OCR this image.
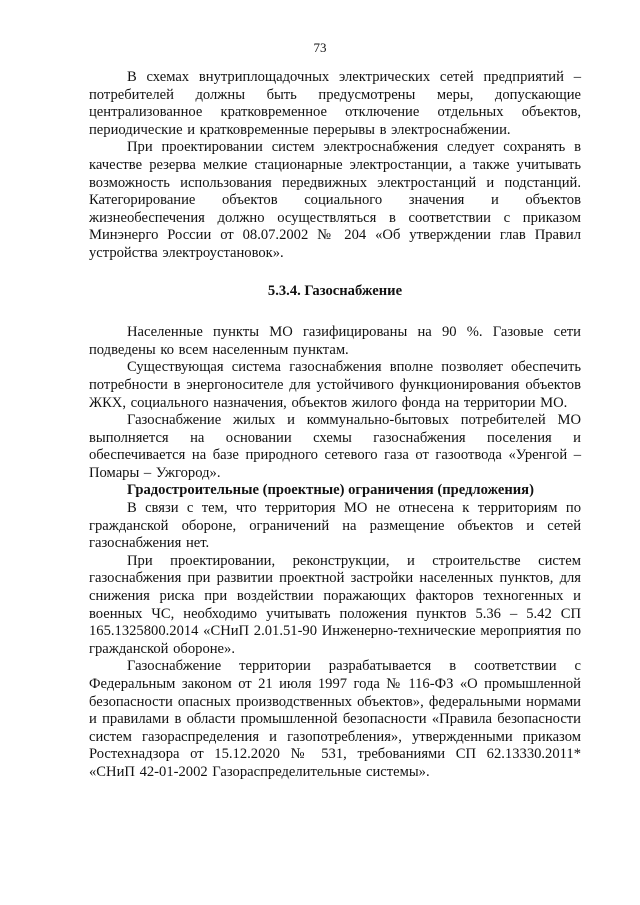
73

В схемах внутриплощадочных электрических сетей предприятий – потребителей должны быть предусмотрены меры, допускающие централизованное кратковременное отключение отдельных объектов, периодические и кратковременные перерывы в электроснабжении.

При проектировании систем электроснабжения следует сохранять в качестве резерва мелкие стационарные электростанции, а также учитывать возможность использования передвижных электростанций и подстанций. Категорирование объектов социального значения и объектов жизнеобеспечения должно осуществляться в соответствии с приказом Минэнерго России от 08.07.2002 № 204 «Об утверждении глав Правил устройства электроустановок».

5.3.4. Газоснабжение

Населенные пункты МО газифицированы на 90 %. Газовые сети подведены ко всем населенным пунктам.

Существующая система газоснабжения вполне позволяет обеспечить потребности в энергоносителе для устойчивого функционирования объектов ЖКХ, социального назначения, объектов жилого фонда на территории МО.

Газоснабжение жилых и коммунально-бытовых потребителей МО выполняется на основании схемы газоснабжения поселения и обеспечивается на базе природного сетевого газа от газоотвода «Уренгой – Помары – Ужгород».

Градостроительные (проектные) ограничения (предложения)

В связи с тем, что территория МО не отнесена к территориям по гражданской обороне, ограничений на размещение объектов и сетей газоснабжения нет.

При проектировании, реконструкции, и строительстве систем газоснабжения при развитии проектной застройки населенных пунктов, для снижения риска при воздействии поражающих факторов техногенных и военных ЧС, необходимо учитывать положения пунктов 5.36 – 5.42 СП 165.1325800.2014 «СНиП 2.01.51-90 Инженерно-технические мероприятия по гражданской обороне».

Газоснабжение территории разрабатывается в соответствии с Федеральным законом от 21 июля 1997 года № 116-ФЗ «О промышленной безопасности опасных производственных объектов», федеральными нормами и правилами в области промышленной безопасности «Правила безопасности систем газораспределения и газопотребления», утвержденными приказом Ростехнадзора от 15.12.2020 № 531, требованиями СП 62.13330.2011* «СНиП 42-01-2002 Газораспределительные системы».
